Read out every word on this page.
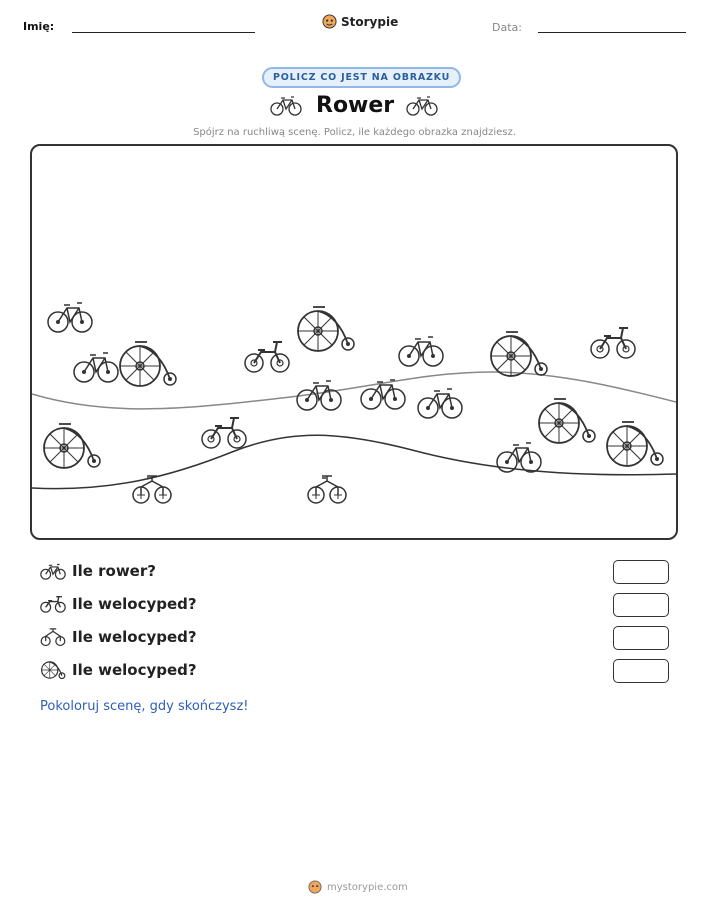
Imię:	Storypie	Data:
POLICZ CO JEST NA OBRAZKU
Rower
Spójrz na ruchliwą scenę. Policz, ile każdego obrazka znajdziesz.
Ile rower?
Ile welocyped?
Ile welocyped?
Ile welocyped?
Pokoloruj scenę, gdy skończysz!
mystorypie.com
